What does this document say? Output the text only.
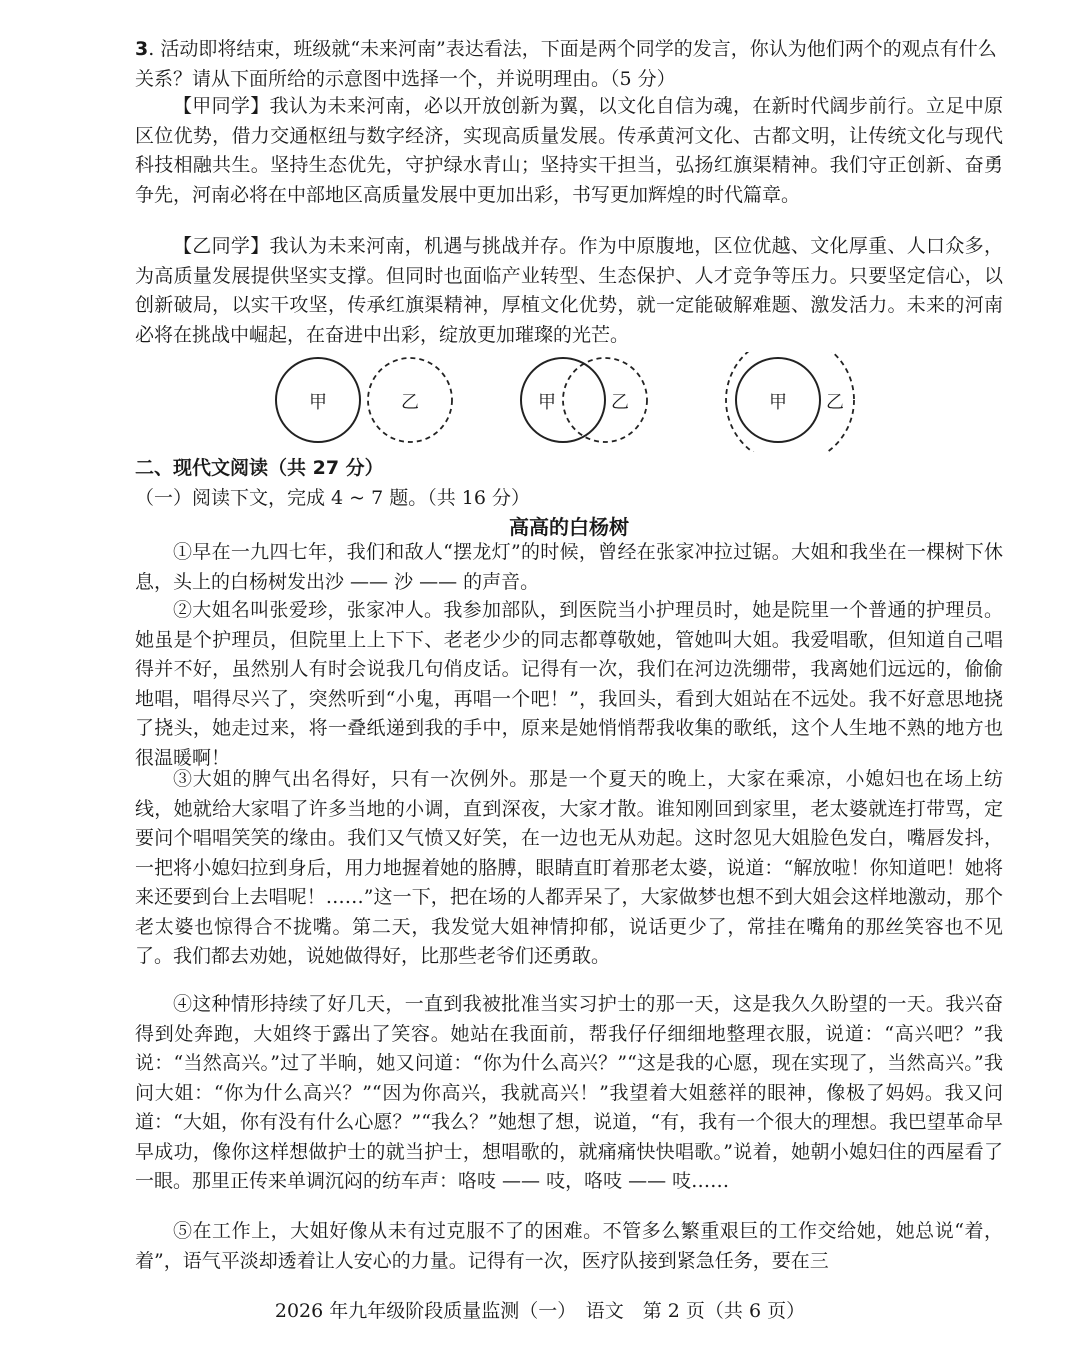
3. 活动即将结束，班级就“未来河南”表达看法，下面是两个同学的发言，你认为他们两个的观点有什么关系？请从下面所给的示意图中选择一个，并说明理由。（5 分）

【甲同学】我认为未来河南，必以开放创新为翼，以文化自信为魂，在新时代阔步前行。立足中原区位优势，借力交通枢纽与数字经济，实现高质量发展。传承黄河文化、古都文明，让传统文化与现代科技相融共生。坚持生态优先，守护绿水青山；坚持实干担当，弘扬红旗渠精神。我们守正创新、奋勇争先，河南必将在中部地区高质量发展中更加出彩，书写更加辉煌的时代篇章。

【乙同学】我认为未来河南，机遇与挑战并存。作为中原腹地，区位优越、文化厚重、人口众多，为高质量发展提供坚实支撑。但同时也面临产业转型、生态保护、人才竞争等压力。只要坚定信心，以创新破局，以实干攻坚，传承红旗渠精神，厚植文化优势，就一定能破解难题、激发活力。未来的河南必将在挑战中崛起，在奋进中出彩，绽放更加璀璨的光芒。

甲	乙	甲	乙	甲	乙
二、现代文阅读（共 27 分）
（一）阅读下文，完成 4 ~ 7 题。（共 16 分）
高高的白杨树

①早在一九四七年，我们和敌人“摆龙灯”的时候，曾经在张家冲拉过锯。大姐和我坐在一棵树下休息，头上的白杨树发出沙 —— 沙 —— 的声音。

②大姐名叫张爱珍，张家冲人。我参加部队，到医院当小护理员时，她是院里一个普通的护理员。她虽是个护理员，但院里上上下下、老老少少的同志都尊敬她，管她叫大姐。我爱唱歌，但知道自己唱得并不好，虽然别人有时会说我几句俏皮话。记得有一次，我们在河边洗绷带，我离她们远远的，偷偷地唱，唱得尽兴了，突然听到“小鬼，再唱一个吧！”，我回头，看到大姐站在不远处。我不好意思地挠了挠头，她走过来，将一叠纸递到我的手中，原来是她悄悄帮我收集的歌纸，这个人生地不熟的地方也很温暖啊！

③大姐的脾气出名得好，只有一次例外。那是一个夏天的晚上，大家在乘凉，小媳妇也在场上纺线，她就给大家唱了许多当地的小调，直到深夜，大家才散。谁知刚回到家里，老太婆就连打带骂，定要问个唱唱笑笑的缘由。我们又气愤又好笑，在一边也无从劝起。这时忽见大姐脸色发白，嘴唇发抖，一把将小媳妇拉到身后，用力地握着她的胳膊，眼睛直盯着那老太婆，说道：“解放啦！你知道吧！她将来还要到台上去唱呢！……”这一下，把在场的人都弄呆了，大家做梦也想不到大姐会这样地激动，那个老太婆也惊得合不拢嘴。第二天，我发觉大姐神情抑郁，说话更少了，常挂在嘴角的那丝笑容也不见了。我们都去劝她，说她做得好，比那些老爷们还勇敢。

④这种情形持续了好几天，一直到我被批准当实习护士的那一天，这是我久久盼望的一天。我兴奋得到处奔跑，大姐终于露出了笑容。她站在我面前，帮我仔仔细细地整理衣服，说道：“高兴吧？”我说：“当然高兴。”过了半晌，她又问道：“你为什么高兴？”“这是我的心愿，现在实现了，当然高兴。”我问大姐：“你为什么高兴？”“因为你高兴，我就高兴！”我望着大姐慈祥的眼神，像极了妈妈。我又问道：“大姐，你有没有什么心愿？”“我么？”她想了想，说道，“有，我有一个很大的理想。我巴望革命早早成功，像你这样想做护士的就当护士，想唱歌的，就痛痛快快唱歌。”说着，她朝小媳妇住的西屋看了一眼。那里正传来单调沉闷的纺车声：咯吱 —— 吱，咯吱 —— 吱……

⑤在工作上，大姐好像从未有过克服不了的困难。不管多么繁重艰巨的工作交给她，她总说“着，着”，语气平淡却透着让人安心的力量。记得有一次，医疗队接到紧急任务，要在三

2026 年九年级阶段质量监测（一）　语文　第 2 页（共 6 页）
